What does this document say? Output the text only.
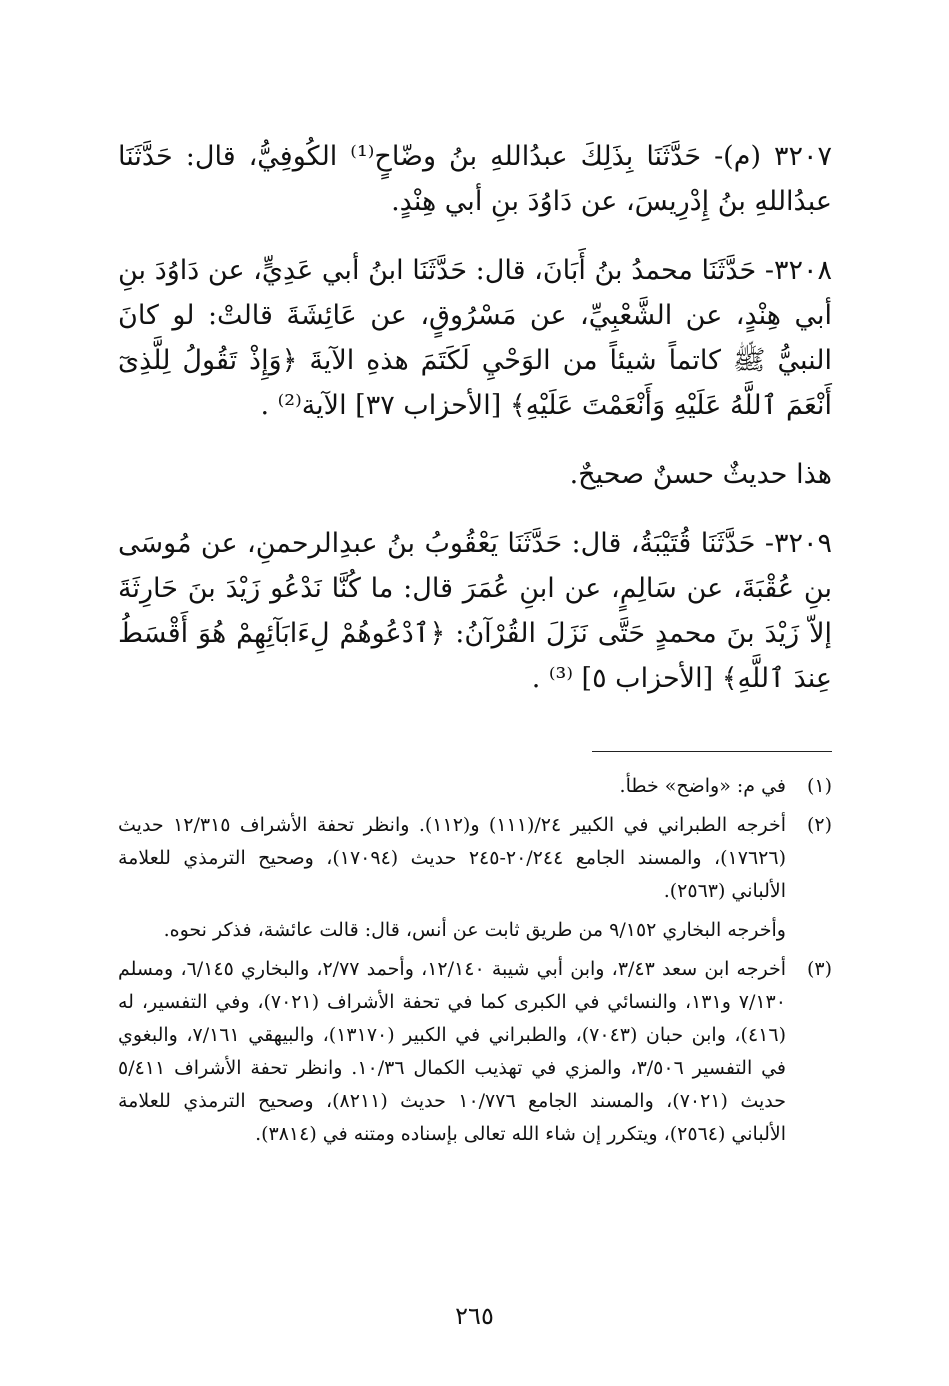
٣٢٠٧ (م)- حَدَّثَنَا بِذَلِكَ عبدُاللهِ بنُ وضّاحٍ⁽¹⁾ الكُوفِيُّ، قال: حَدَّثَنَا عبدُاللهِ بنُ إِدْرِيسَ، عن دَاوُدَ بنِ أبي هِنْدٍ.

٣٢٠٨- حَدَّثَنَا محمدُ بنُ أَبَانَ، قال: حَدَّثَنَا ابنُ أبي عَدِيٍّ، عن دَاوُدَ بنِ أبي هِنْدٍ، عن الشَّعْبِيِّ، عن مَسْرُوقٍ، عن عَائِشَةَ قالتْ: لو كانَ النبيُّ ﷺ كاتماً شيئاً من الوَحْيِ لَكَتَمَ هذهِ الآيةَ ﴿وَإِذْ تَقُولُ لِلَّذِىٓ أَنْعَمَ ٱللَّهُ عَلَيْهِ وَأَنْعَمْتَ عَلَيْهِ﴾ [الأحزاب ٣٧] الآية⁽²⁾ .

هذا حديثٌ حسنٌ صحيحٌ.

٣٢٠٩- حَدَّثَنَا قُتَيْبَةُ، قال: حَدَّثَنَا يَعْقُوبُ بنُ عبدِالرحمنِ، عن مُوسَى بنِ عُقْبَةَ، عن سَالِمٍ، عن ابنِ عُمَرَ قال: ما كُنَّا نَدْعُو زَيْدَ بنَ حَارِثَةَ إلاّ زَيْدَ بنَ محمدٍ حَتَّى نَزَلَ القُرْآنُ: ﴿ٱدْعُوهُمْ لِءَابَآئِهِمْ هُوَ أَقْسَطُ عِندَ ٱللَّهِ﴾ [الأحزاب ٥] ⁽³⁾ .

(١)
في م: «واضح» خطأ.
(٢)
أخرجه الطبراني في الكبير ٢٤/(١١١) و(١١٢). وانظر تحفة الأشراف ١٢/٣١٥ حديث (١٧٦٢٦)، والمسند الجامع ٢٠/٢٤٤-٢٤٥ حديث (١٧٠٩٤)، وصحيح الترمذي للعلامة الألباني (٢٥٦٣).

وأخرجه البخاري ٩/١٥٢ من طريق ثابت عن أنس، قال: قالت عائشة، فذكر نحوه.

(٣)
أخرجه ابن سعد ٣/٤٣، وابن أبي شيبة ١٢/١٤٠، وأحمد ٢/٧٧، والبخاري ٦/١٤٥، ومسلم ٧/١٣٠ و١٣١، والنسائي في الكبرى كما في تحفة الأشراف (٧٠٢١)، وفي التفسير، له (٤١٦)، وابن حبان (٧٠٤٣)، والطبراني في الكبير (١٣١٧٠)، والبيهقي ٧/١٦١، والبغوي في التفسير ٣/٥٠٦، والمزي في تهذيب الكمال ١٠/٣٦. وانظر تحفة الأشراف ٥/٤١١ حديث (٧٠٢١)، والمسند الجامع ١٠/٧٧٦ حديث (٨٢١١)، وصحيح الترمذي للعلامة الألباني (٢٥٦٤)، ويتكرر إن شاء الله تعالى بإسناده ومتنه في (٣٨١٤).
٢٦٥
